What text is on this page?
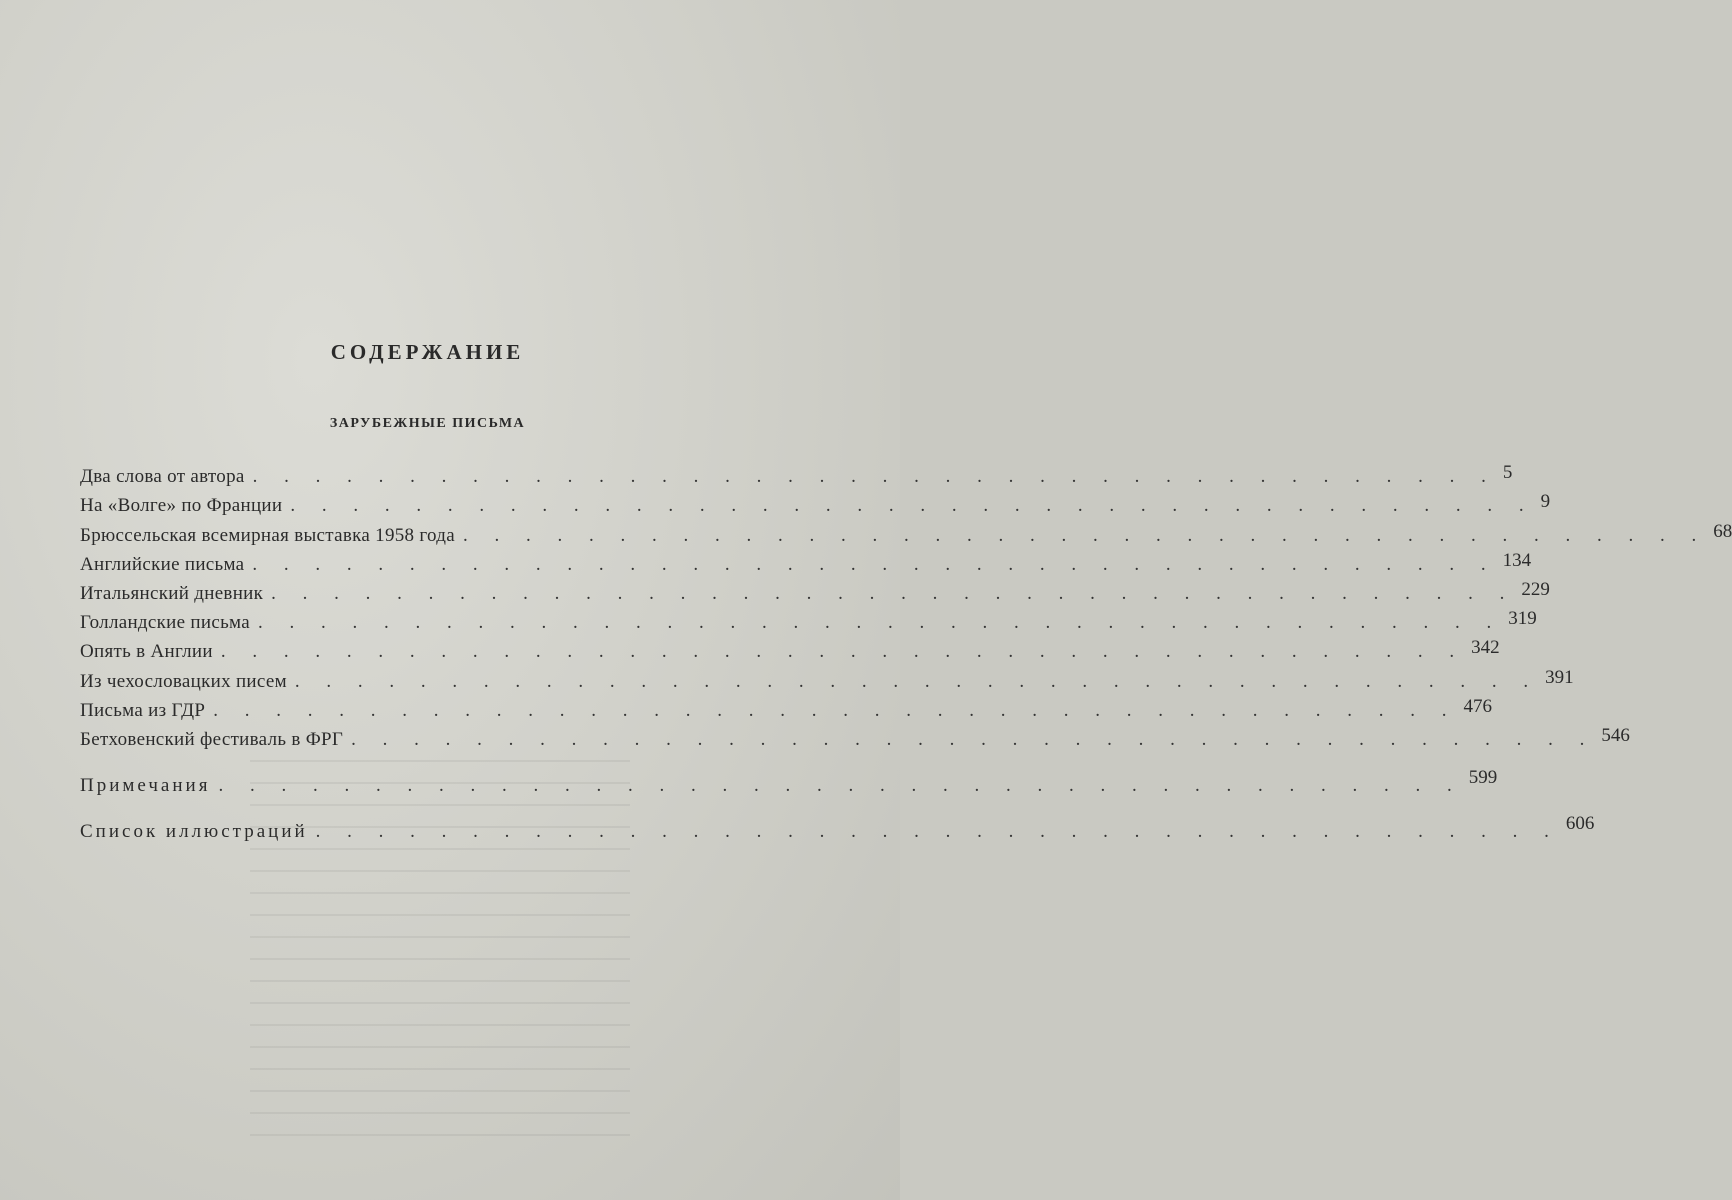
СОДЕРЖАНИЕ
ЗАРУБЕЖНЫЕ ПИСЬМА
Два слова от автора . . . . . . . . . . . . . . . . . . . . . . . . . . . . . . . . . . . . . . . . 5
На «Волге» по Франции . . . . . . . . . . . . . . . . . . . . . . . . . . . . . . . . . . . . . . . . 9
Брюссельская всемирная выставка 1958 года . . . . . . . . . . . . . . . . . . . . . . . . . . . . . . . . . . . . . . . . 68
Английские письма . . . . . . . . . . . . . . . . . . . . . . . . . . . . . . . . . . . . . . . . 134
Итальянский дневник . . . . . . . . . . . . . . . . . . . . . . . . . . . . . . . . . . . . . . . . 229
Голландские письма . . . . . . . . . . . . . . . . . . . . . . . . . . . . . . . . . . . . . . . . 319
Опять в Англии . . . . . . . . . . . . . . . . . . . . . . . . . . . . . . . . . . . . . . . . 342
Из чехословацких писем . . . . . . . . . . . . . . . . . . . . . . . . . . . . . . . . . . . . . . . . 391
Письма из ГДР . . . . . . . . . . . . . . . . . . . . . . . . . . . . . . . . . . . . . . . . 476
Бетховенский фестиваль в ФРГ . . . . . . . . . . . . . . . . . . . . . . . . . . . . . . . . . . . . . . . . 546
Примечания . . . . . . . . . . . . . . . . . . . . . . . . . . . . . . . . . . . . . . . . 599
Список иллюстраций . . . . . . . . . . . . . . . . . . . . . . . . . . . . . . . . . . . . . . . . 606
